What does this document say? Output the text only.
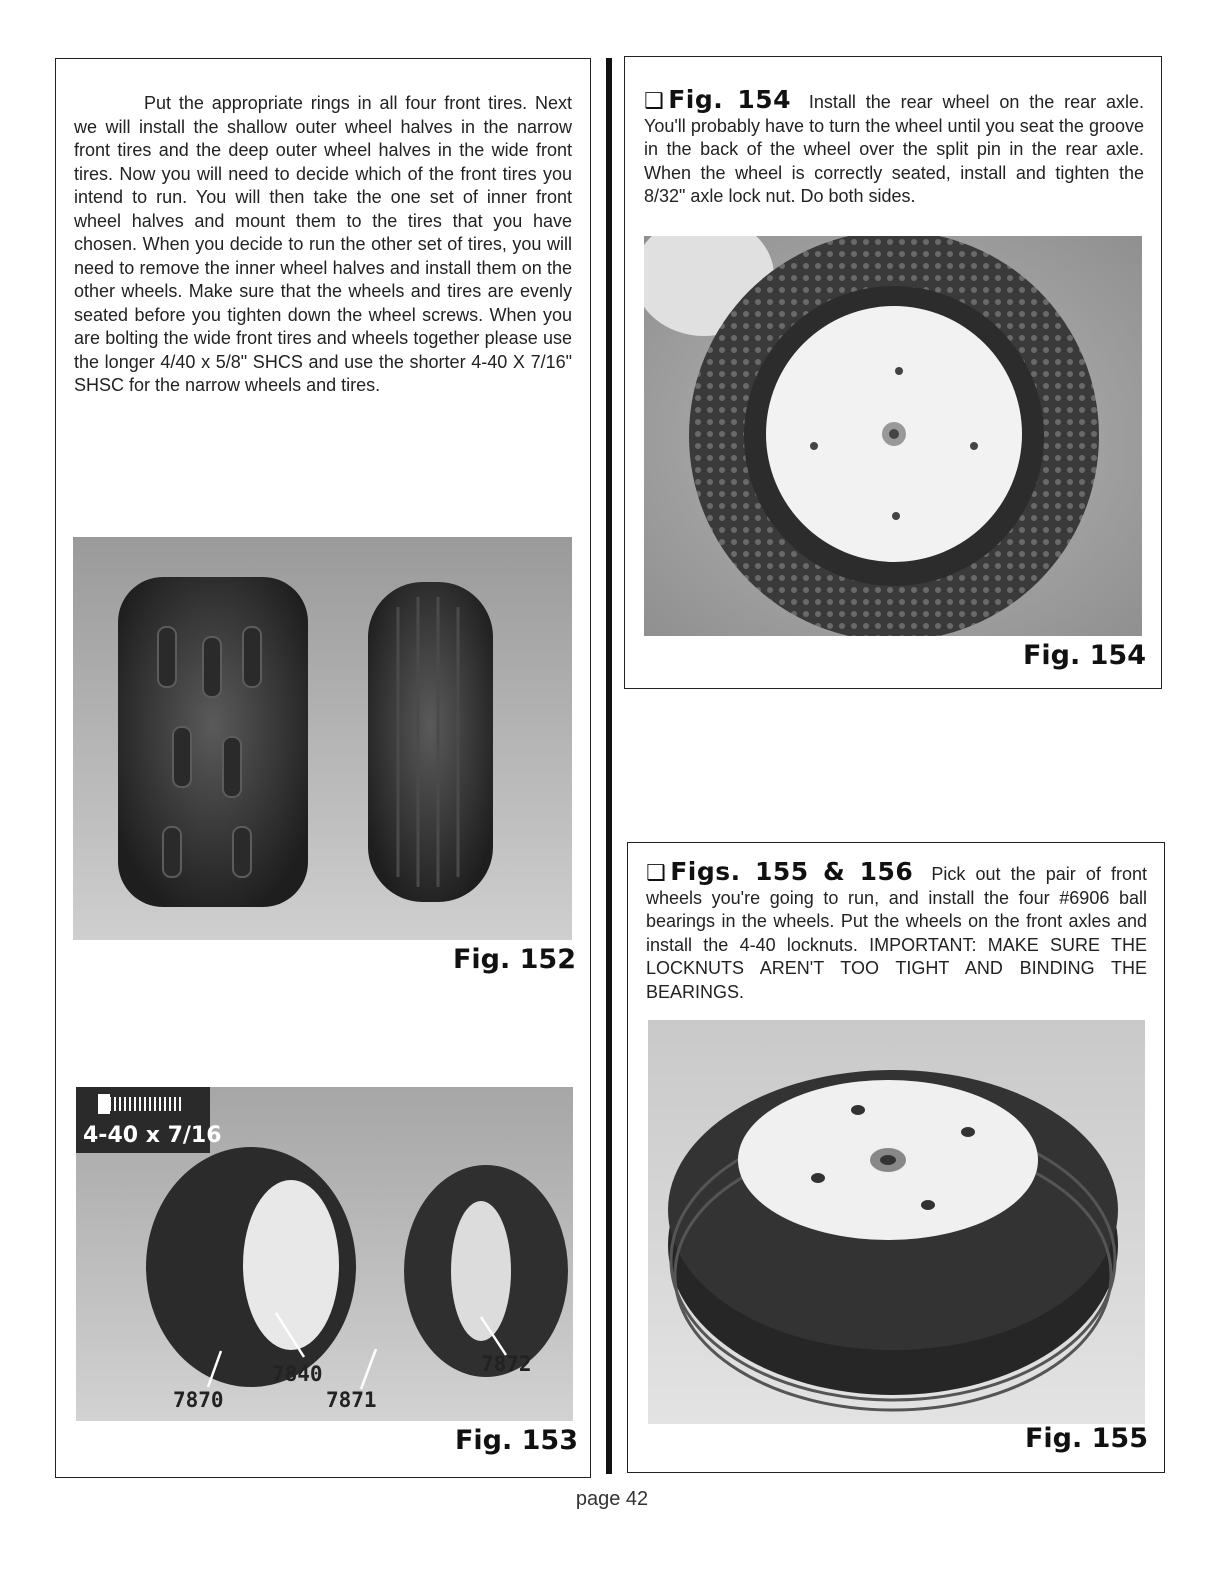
Put the appropriate rings in all four front tires. Next we will install the shallow outer wheel halves in the narrow front tires and the deep outer wheel halves in the wide front tires. Now you will need to decide which of the front tires you intend to run. You will then take the one set of inner front wheel halves and mount them to the tires that you have chosen. When you decide to run the other set of tires, you will need to remove the inner wheel halves and install them on the other wheels. Make sure that the wheels and tires are evenly seated before you tighten down the wheel screws. When you are bolting the wide front tires and wheels together please use the longer 4/40 x 5/8" SHCS and use the shorter 4-40 X 7/16" SHSC for the narrow wheels and tires.
Fig. 152
4-40 x 7/16
7870
7840
7871
7872
Fig. 153
❑ Fig. 154 Install the rear wheel on the rear axle. You'll probably have to turn the wheel until you seat the groove in the back of the wheel over the split pin in the rear axle. When the wheel is correctly seated, install and tighten the 8/32" axle lock nut. Do both sides.
Fig. 154
❑ Figs. 155 & 156 Pick out the pair of front wheels you're going to run, and install the four #6906 ball bearings in the wheels. Put the wheels on the front axles and install the 4-40 locknuts. IMPORTANT: MAKE SURE THE LOCKNUTS AREN'T TOO TIGHT AND BINDING THE BEARINGS.
Fig. 155
page 42
